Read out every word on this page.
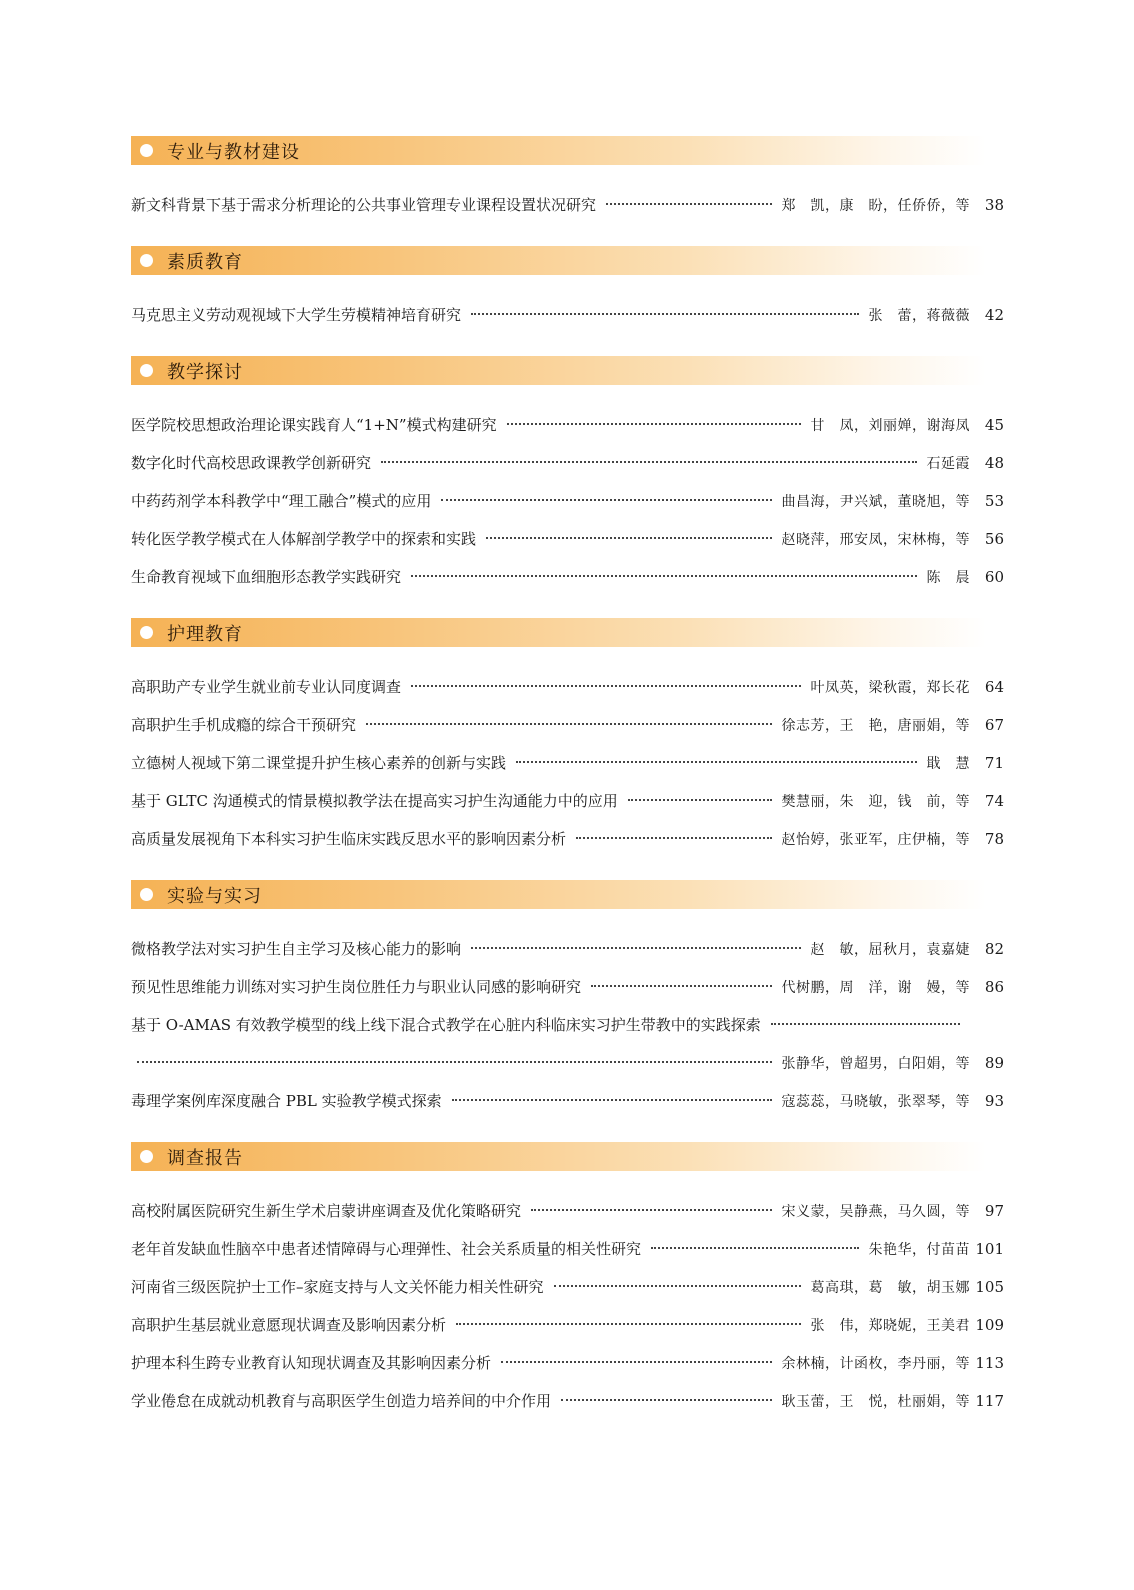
专业与教材建设
新文科背景下基于需求分析理论的公共事业管理专业课程设置状况研究	郑　凯，康　盼，任侨侨，等 38
素质教育
马克思主义劳动观视域下大学生劳模精神培育研究	张　蕾，蒋薇薇 42
教学探讨
医学院校思想政治理论课实践育人“1+N”模式构建研究	甘　凤，刘丽婵，谢海凤 45
数字化时代高校思政课教学创新研究	石延霞 48
中药药剂学本科教学中“理工融合”模式的应用	曲昌海，尹兴斌，董晓旭，等 53
转化医学教学模式在人体解剖学教学中的探索和实践	赵晓萍，邢安凤，宋林梅，等 56
生命教育视域下血细胞形态教学实践研究	陈　晨 60
护理教育
高职助产专业学生就业前专业认同度调查	叶凤英，梁秋霞，郑长花 64
高职护生手机成瘾的综合干预研究	徐志芳，王　艳，唐丽娟，等 67
立德树人视域下第二课堂提升护生核心素养的创新与实践	戢　慧 71
基于 GLTC 沟通模式的情景模拟教学法在提高实习护生沟通能力中的应用	樊慧丽，朱　迎，钱　前，等 74
高质量发展视角下本科实习护生临床实践反思水平的影响因素分析	赵怡婷，张亚军，庄伊楠，等 78
实验与实习
微格教学法对实习护生自主学习及核心能力的影响	赵　敏，屈秋月，袁嘉婕 82
预见性思维能力训练对实习护生岗位胜任力与职业认同感的影响研究	代树鹏，周　洋，谢　嫚，等 86
基于 O-AMAS 有效教学模型的线上线下混合式教学在心脏内科临床实习护生带教中的实践探索
张静华，曾超男，白阳娟，等 89
毒理学案例库深度融合 PBL 实验教学模式探索	寇蕊蕊，马晓敏，张翠琴，等 93
调查报告
高校附属医院研究生新生学术启蒙讲座调查及优化策略研究	宋义蒙，吴静燕，马久圆，等 97
老年首发缺血性脑卒中患者述情障碍与心理弹性、社会关系质量的相关性研究	朱艳华，付苗苗 101
河南省三级医院护士工作–家庭支持与人文关怀能力相关性研究	葛高琪，葛　敏，胡玉娜 105
高职护生基层就业意愿现状调查及影响因素分析	张　伟，郑晓妮，王美君 109
护理本科生跨专业教育认知现状调查及其影响因素分析	余林楠，计函枚，李丹丽，等 113
学业倦怠在成就动机教育与高职医学生创造力培养间的中介作用	耿玉蕾，王　悦，杜丽娟，等 117
